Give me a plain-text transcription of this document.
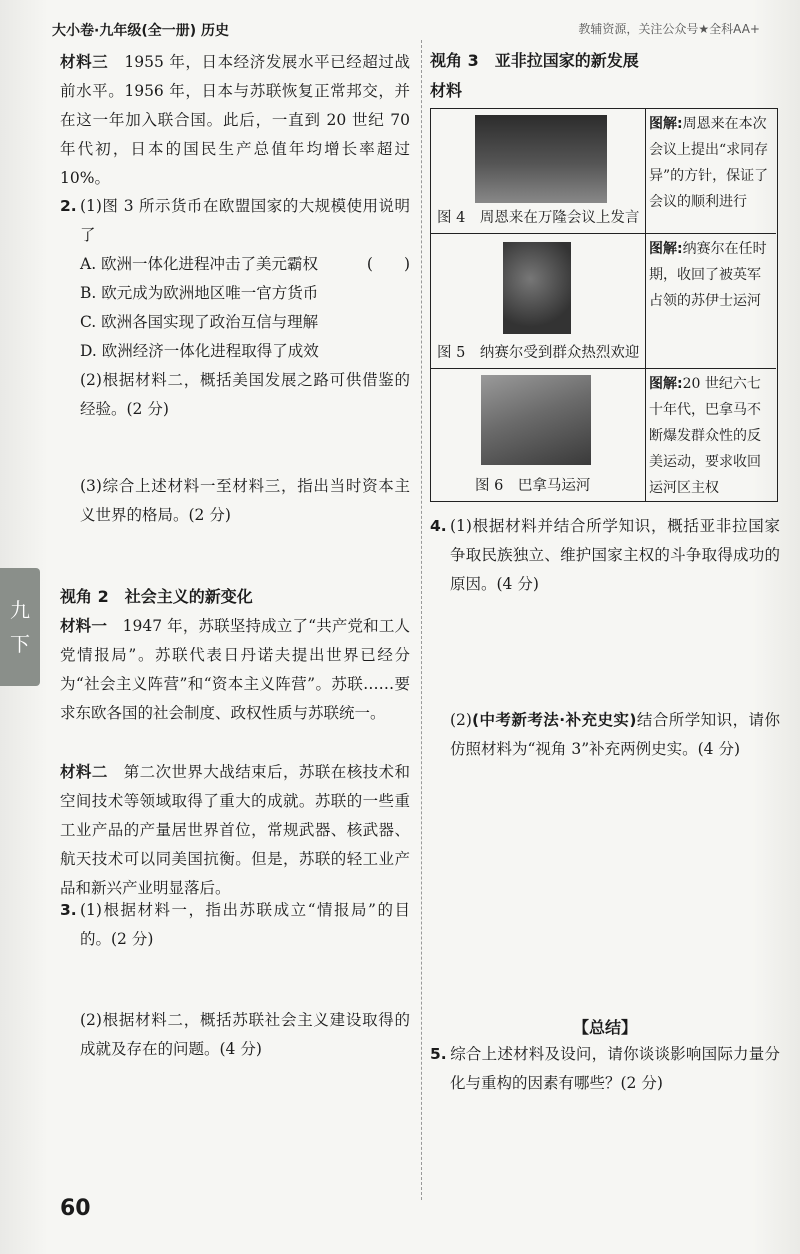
大小卷·九年级(全一册) 历史	教辅资源，关注公众号★全科AA+
九
下

材料三　 1955 年，日本经济发展水平已经超过战前水平。1956 年，日本与苏联恢复正常邦交，并在这一年加入联合国。此后，一直到 20 世纪 70 年代初，日本的国民生产总值年均增长率超过 10%。

2. (1)图 3 所示货币在欧盟国家的大规模使用说明了
(　　)

A. 欧洲一体化进程冲击了美元霸权

B. 欧元成为欧洲地区唯一官方货币

C. 欧洲各国实现了政治互信与理解

D. 欧洲经济一体化进程取得了成效

(2)根据材料二，概括美国发展之路可供借鉴的经验。(2 分)

(3)综合上述材料一至材料三，指出当时资本主义世界的格局。(2 分)
视角 2　社会主义的新变化

材料一　 1947 年，苏联坚持成立了“共产党和工人党情报局”。苏联代表日丹诺夫提出世界已经分为“社会主义阵营”和“资本主义阵营”。苏联……要求东欧各国的社会制度、政权性质与苏联统一。

材料二　 第二次世界大战结束后，苏联在核技术和空间技术等领域取得了重大的成就。苏联的一些重工业产品的产量居世界首位，常规武器、核武器、航天技术可以同美国抗衡。但是，苏联的轻工业产品和新兴产业明显落后。

3. (1)根据材料一，指出苏联成立“情报局”的目的。(2 分)

(2)根据材料二，概括苏联社会主义建设取得的成就及存在的问题。(4 分)
视角 3　亚非拉国家的新发展
材料
图 4　周恩来在万隆会议上发言
图解:周恩来在本次会议上提出“求同存异”的方针，保证了会议的顺利进行
图 5　纳赛尔受到群众热烈欢迎
图解:纳赛尔在任时期，收回了被英军占领的苏伊士运河
图 6　巴拿马运河
图解:20 世纪六七十年代，巴拿马不断爆发群众性的反美运动，要求收回运河区主权

4. (1)根据材料并结合所学知识，概括亚非拉国家争取民族独立、维护国家主权的斗争取得成功的原因。(4 分)

(2)(中考新考法·补充史实)结合所学知识，请你仿照材料为“视角 3”补充两例史实。(4 分)

【总结】

5. 综合上述材料及设问，请你谈谈影响国际力量分化与重构的因素有哪些？(2 分)

60
